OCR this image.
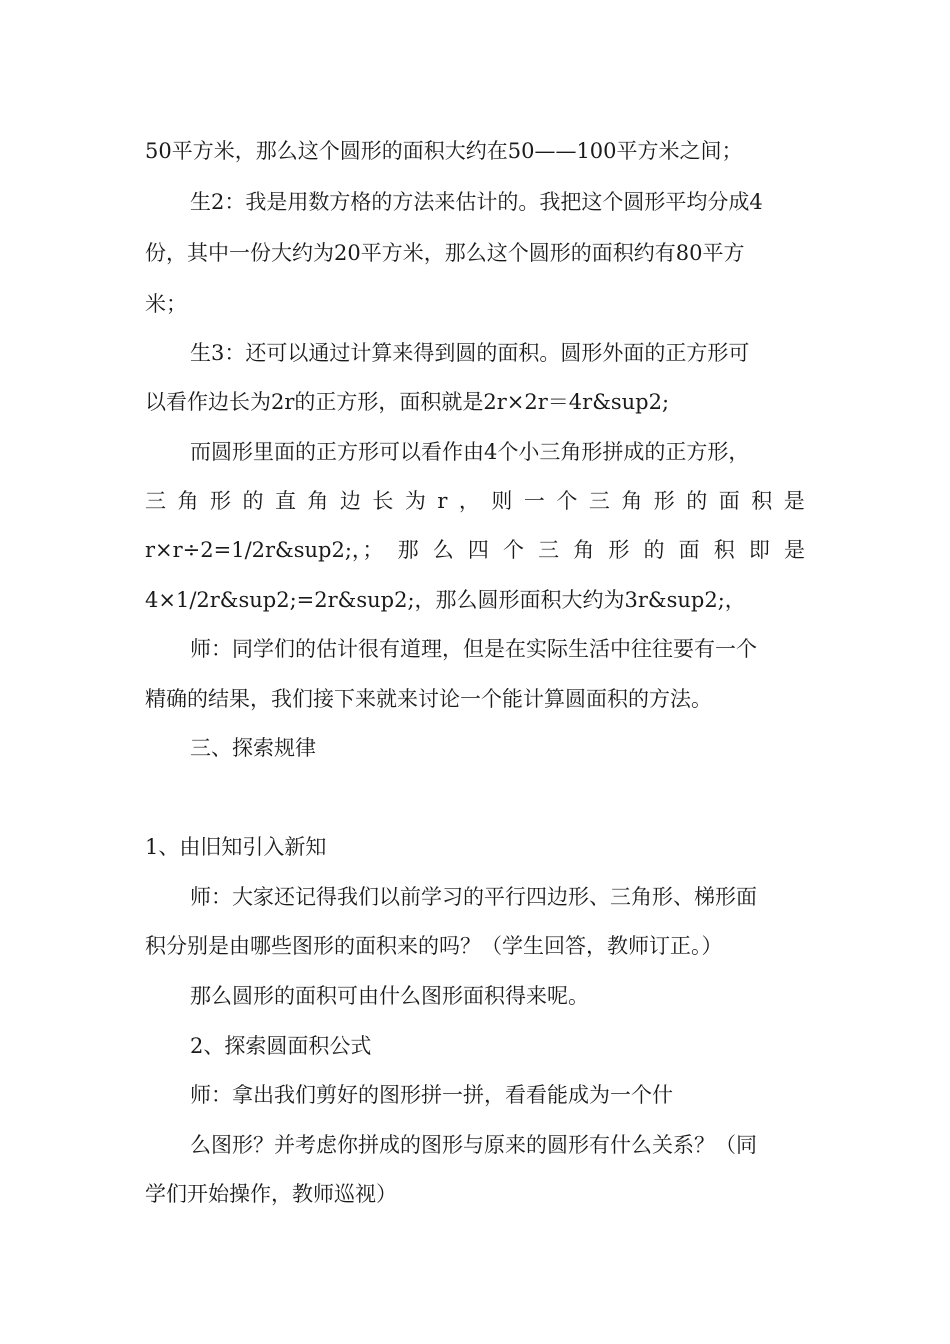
50平方米，那么这个圆形的面积大约在50——100平方米之间；
生2：我是用数方格的方法来估计的。我把这个圆形平均分成4
份，其中一份大约为20平方米，那么这个圆形的面积约有80平方
米；
生3：还可以通过计算来得到圆的面积。圆形外面的正方形可
以看作边长为2r的正方形，面积就是2r×2r＝4r&sup2;
而圆形里面的正方形可以看作由4个小三角形拼成的正方形，
三 角 形 的 直 角 边 长 为 r ， 则 一 个 三 角 形 的 面 积 是
r×r÷2=1/2r&sup2;，； 那 么 四 个 三 角 形 的 面 积 即 是
4×1/2r&sup2;=2r&sup2;，那么圆形面积大约为3r&sup2;，
师：同学们的估计很有道理，但是在实际生活中往往要有一个
精确的结果，我们接下来就来讨论一个能计算圆面积的方法。
三、探索规律
1、由旧知引入新知
师：大家还记得我们以前学习的平行四边形、三角形、梯形面
积分别是由哪些图形的面积来的吗？（学生回答，教师订正。）
那么圆形的面积可由什么图形面积得来呢。
2、探索圆面积公式
师：拿出我们剪好的图形拼一拼，看看能成为一个什
么图形？并考虑你拼成的图形与原来的圆形有什么关系？（同
学们开始操作，教师巡视）
